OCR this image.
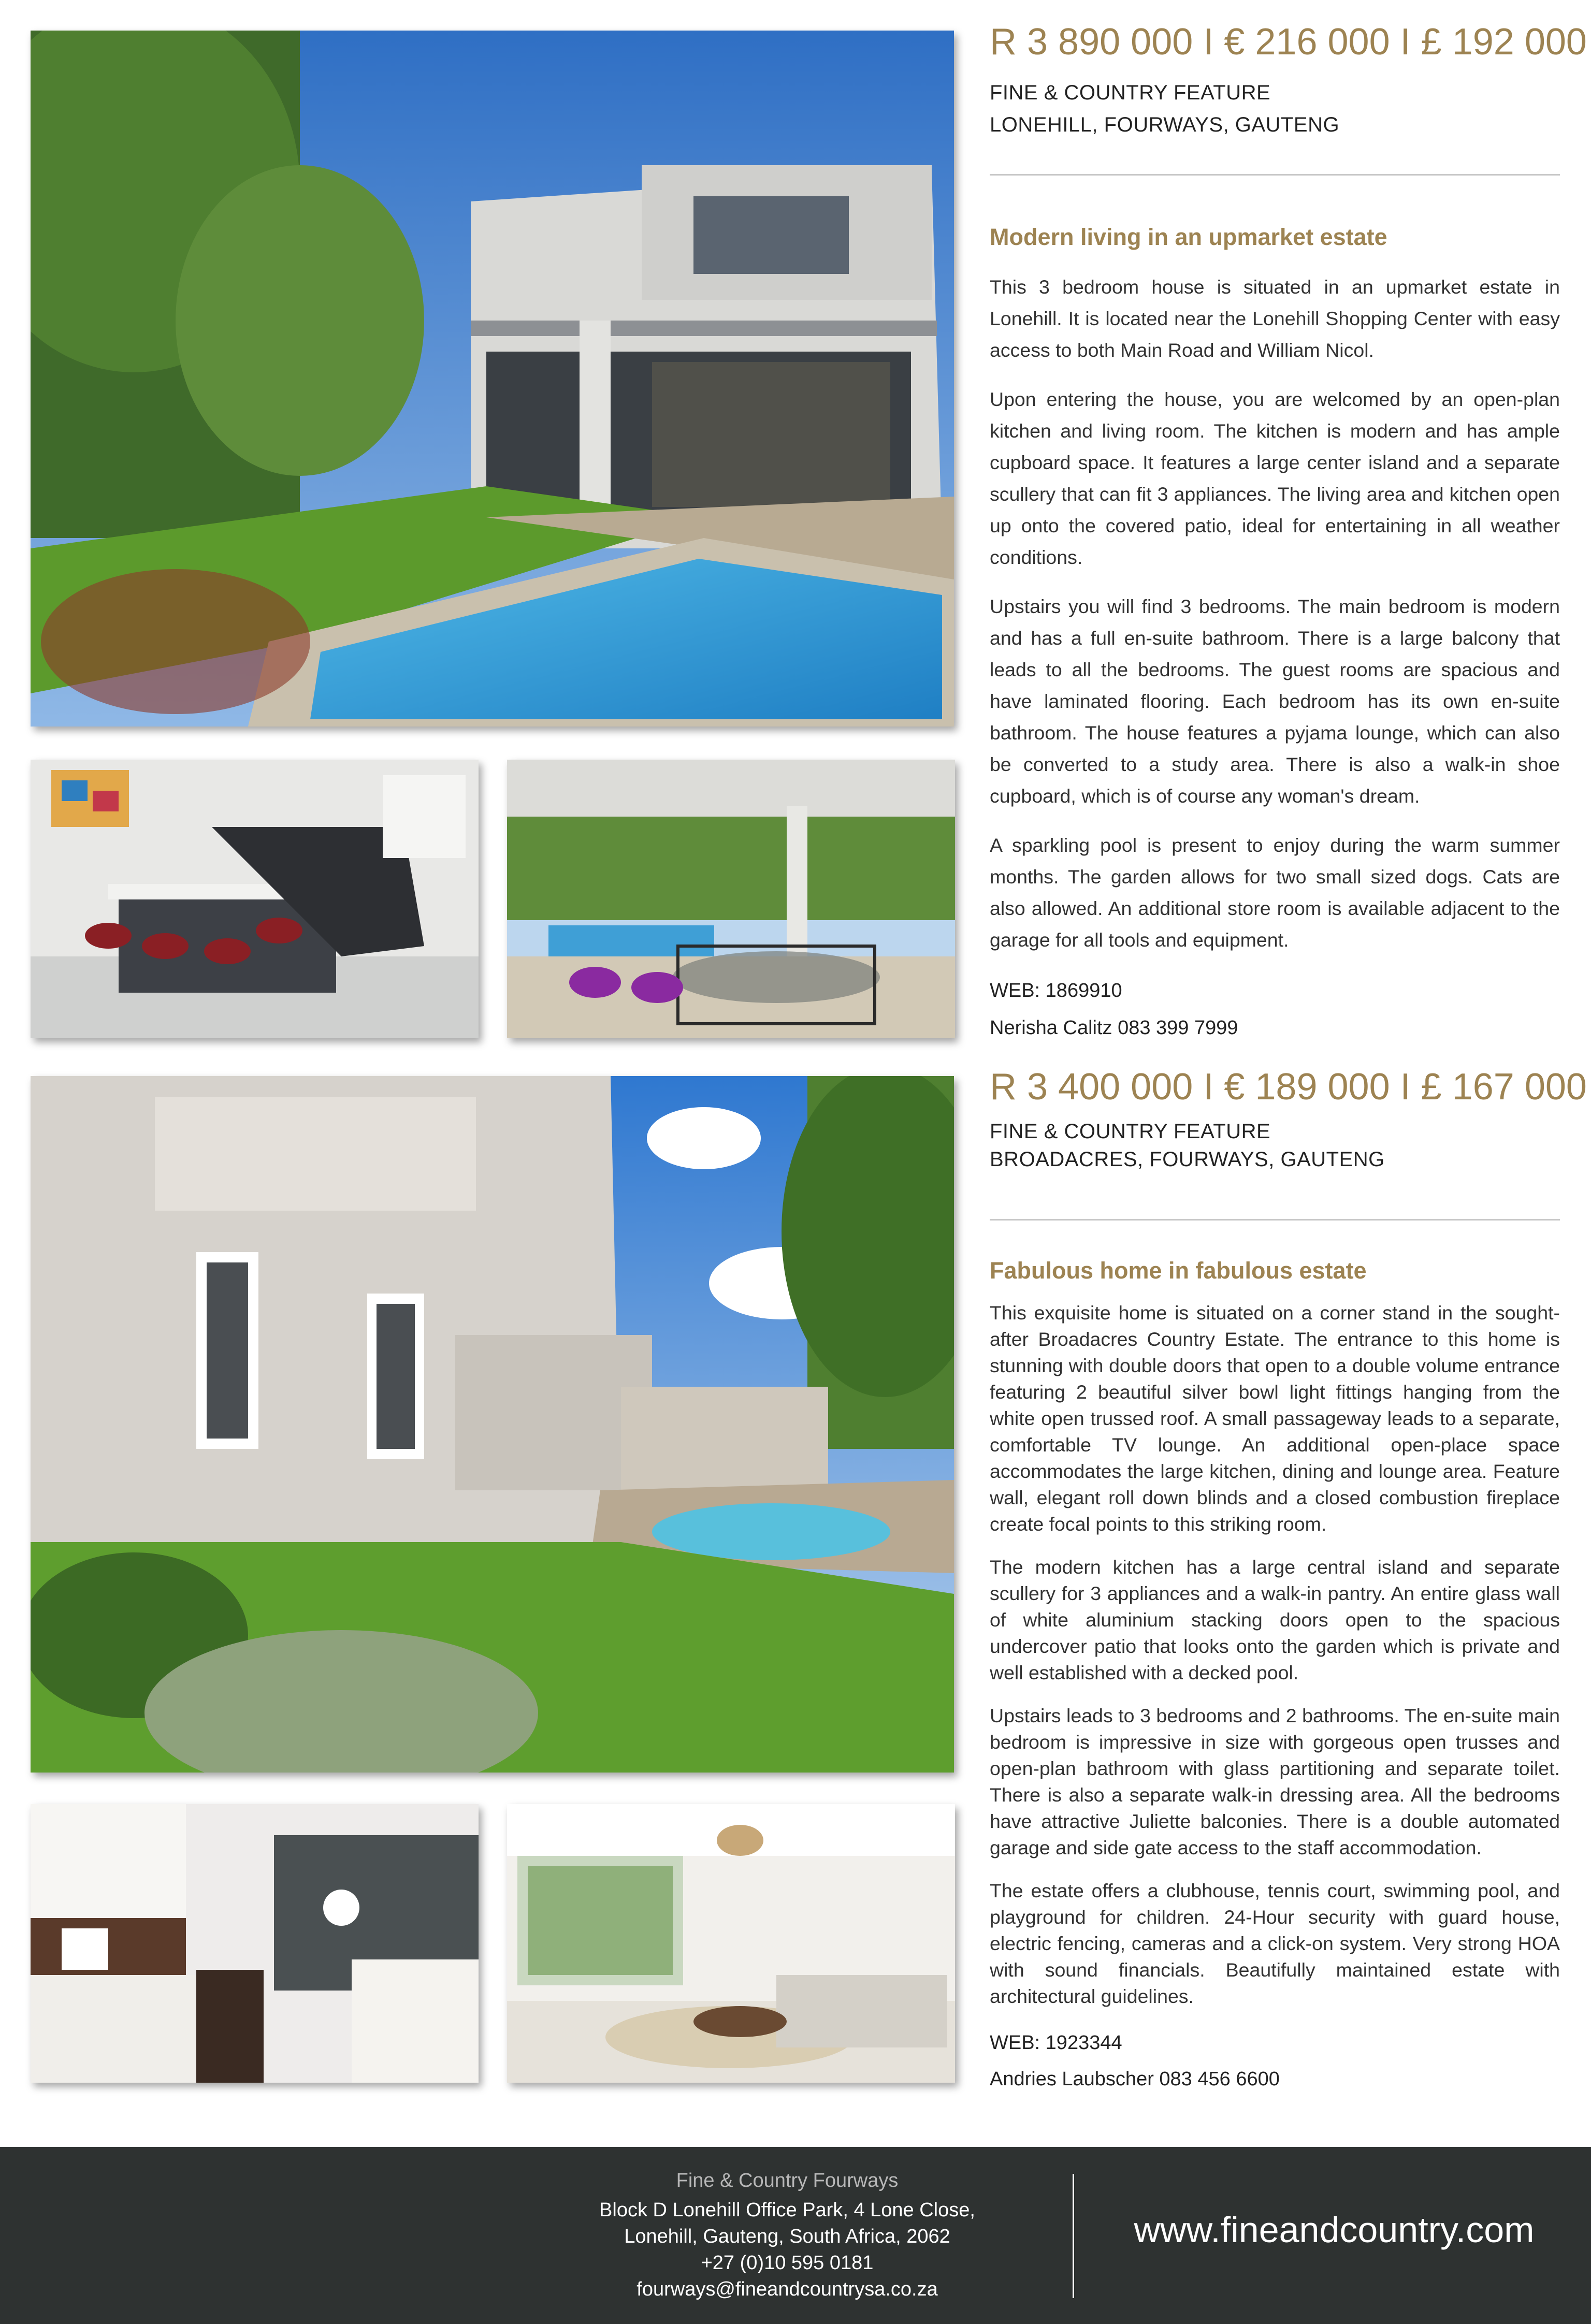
R 3 890 000 I € 216 000 I £ 192 000

FINE & COUNTRY FEATURE

LONEHILL, FOURWAYS, GAUTENG

Modern living in an upmarket estate

This 3 bedroom house is situated in an upmarket estate in Lonehill. It is located near the Lonehill Shopping Center with easy access to both Main Road and William Nicol.

Upon entering the house, you are welcomed by an open-plan kitchen and living room. The kitchen is modern and has ample cupboard space. It features a large center island and a separate scullery that can fit 3 appliances. The living area and kitchen open up onto the covered patio, ideal for entertaining in all weather conditions.

Upstairs you will find 3 bedrooms. The main bedroom is modern and has a full en-suite bathroom. There is a large balcony that leads to all the bedrooms. The guest rooms are spacious and have laminated flooring. Each bedroom has its own en-suite bathroom. The house features a pyjama lounge, which can also be converted to a study area. There is also a walk-in shoe cupboard, which is of course any woman's dream.

A sparkling pool is present to enjoy during the warm summer months. The garden allows for two small sized dogs. Cats are also allowed. An additional store room is available adjacent to the garage for all tools and equipment.

WEB: 1869910

Nerisha Calitz 083 399 7999

R 3 400 000 I € 189 000 I £ 167 000

FINE & COUNTRY FEATURE

BROADACRES, FOURWAYS, GAUTENG

Fabulous home in fabulous estate

This exquisite home is situated on a corner stand in the sought-after Broadacres Country Estate. The entrance to this home is stunning with double doors that open to a double volume entrance featuring 2 beautiful silver bowl light fittings hanging from the white open trussed roof. A small passageway leads to a separate, comfortable TV lounge. An additional open-place space accommodates the large kitchen, dining and lounge area. Feature wall, elegant roll down blinds and a closed combustion fireplace create focal points to this striking room.

The modern kitchen has a large central island and separate scullery for 3 appliances and a walk-in pantry. An entire glass wall of white aluminium stacking doors open to the spacious undercover patio that looks onto the garden which is private and well established with a decked pool.

Upstairs leads to 3 bedrooms and 2 bathrooms. The en-suite main bedroom is impressive in size with gorgeous open trusses and open-plan bathroom with glass partitioning and separate toilet. There is also a separate walk-in dressing area. All the bedrooms have attractive Juliette balconies. There is a double automated garage and side gate access to the staff accommodation.

The estate offers a clubhouse, tennis court, swimming pool, and playground for children. 24-Hour security with guard house, electric fencing, cameras and a click-on system. Very strong HOA with sound financials. Beautifully maintained estate with architectural guidelines.

WEB: 1923344

Andries Laubscher 083 456 6600

Fine & Country Fourways
Block D Lonehill Office Park, 4 Lone Close,
Lonehill, Gauteng, South Africa, 2062
+27 (0)10 595 0181
fourways@fineandcountrysa.co.za
www.fineandcountry.com
